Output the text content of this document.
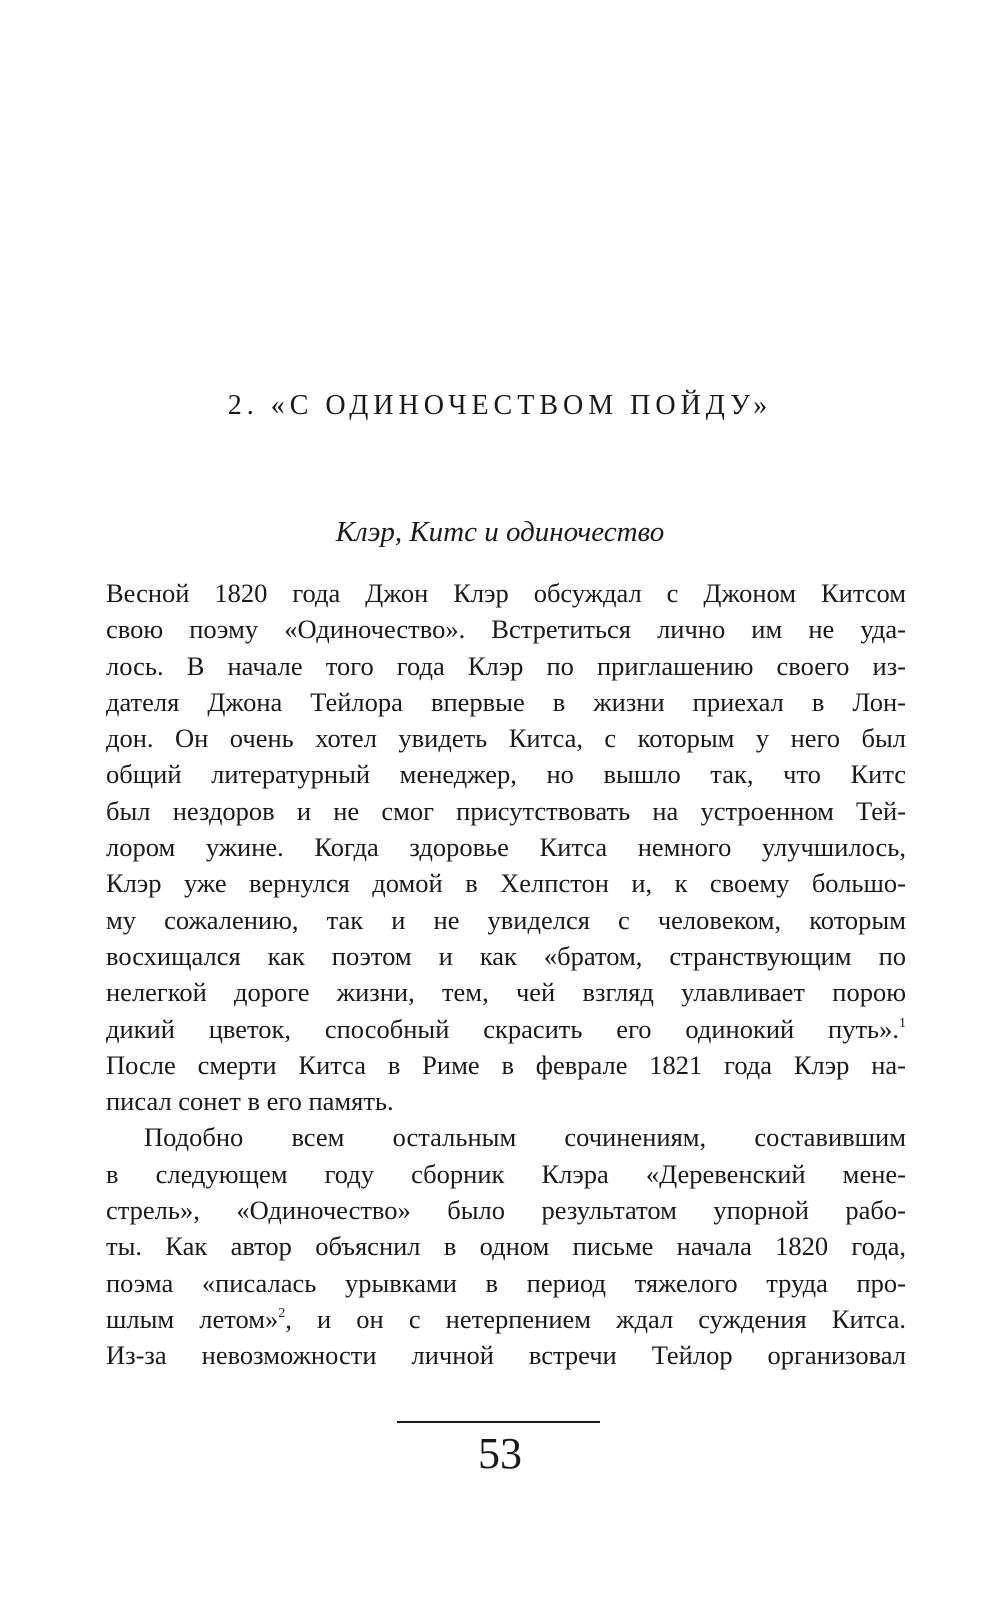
2. «С ОДИНОЧЕСТВОМ ПОЙДУ»
Клэр, Китс и одиночество
Весной 1820 года Джон Клэр обсуждал с Джоном Китсом
свою поэму «Одиночество». Встретиться лично им не уда-
лось. В начале того года Клэр по приглашению своего из-
дателя Джона Тейлора впервые в жизни приехал в Лон-
дон. Он очень хотел увидеть Китса, с которым у него был
общий литературный менеджер, но вышло так, что Китс
был нездоров и не смог присутствовать на устроенном Тей-
лором ужине. Когда здоровье Китса немного улучшилось,
Клэр уже вернулся домой в Хелпстон и, к своему большо-
му сожалению, так и не увиделся с человеком, которым
восхищался как поэтом и как «братом, странствующим по
нелегкой дороге жизни, тем, чей взгляд улавливает порою
дикий цветок, способный скрасить его одинокий путь».$^1$
После смерти Китса в Риме в феврале 1821 года Клэр на-
писал сонет в его память.
Подобно всем остальным сочинениям, составившим
в следующем году сборник Клэра «Деревенский мене-
стрель», «Одиночество» было результатом упорной рабо-
ты. Как автор объяснил в одном письме начала 1820 года,
поэма «писалась урывками в период тяжелого труда про-
шлым летом»$^2$, и он с нетерпением ждал суждения Китса.
Из-за невозможности личной встречи Тейлор организовал
53
